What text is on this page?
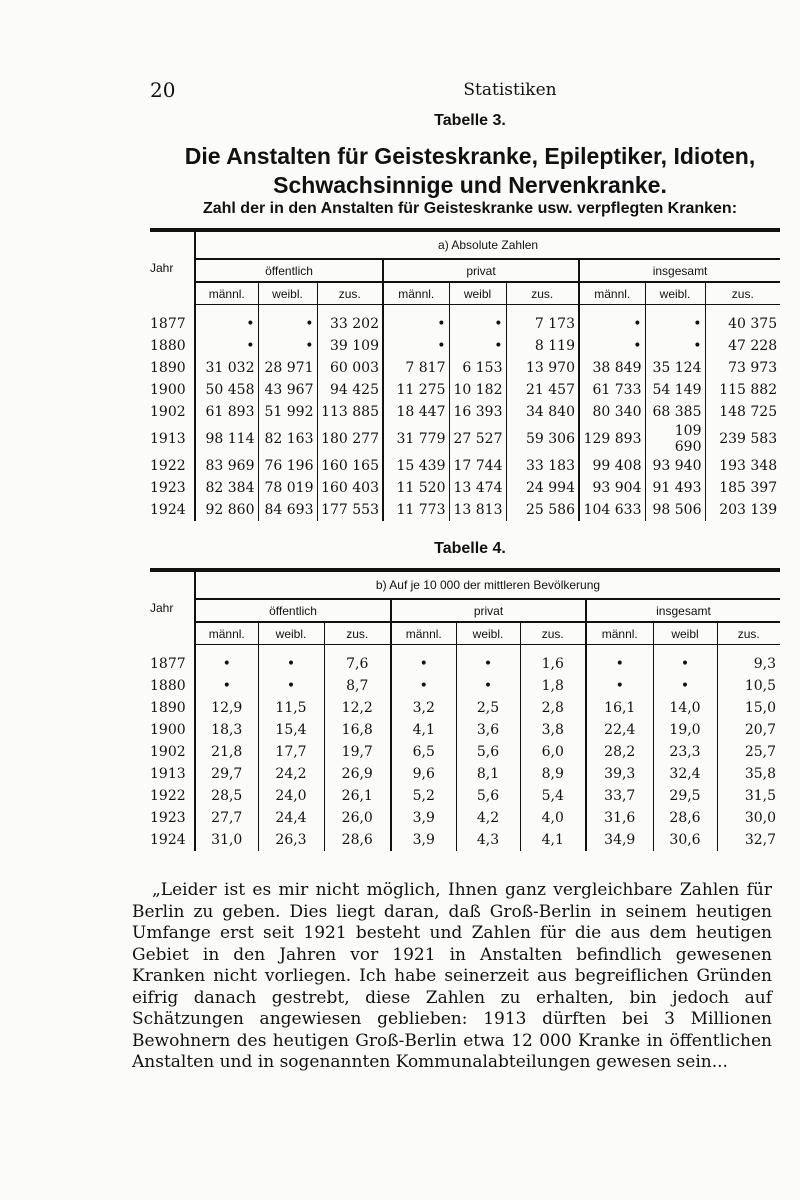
20	Statistiken
Tabelle 3.
Die Anstalten für Geisteskranke, Epileptiker, Idioten, Schwachsinnige und Nervenkranke.
Zahl der in den Anstalten für Geisteskranke usw. verpflegten Kranken:
Jahr	a) Absolute Zahlen								
	öffentlich			privat			insgesamt		
	männl.	weibl.	zus.	männl.	weibl	zus.	männl.	weibl.	zus.

1877	•	•	33 202	•	•	7 173	•	•	40 375
1880	•	•	39 109	•	•	8 119	•	•	47 228
1890	31 032	28 971	60 003	7 817	6 153	13 970	38 849	35 124	73 973
1900	50 458	43 967	94 425	11 275	10 182	21 457	61 733	54 149	115 882
1902	61 893	51 992	113 885	18 447	16 393	34 840	80 340	68 385	148 725
1913	98 114	82 163	180 277	31 779	27 527	59 306	129 893	109 690	239 583
1922	83 969	76 196	160 165	15 439	17 744	33 183	99 408	93 940	193 348
1923	82 384	78 019	160 403	11 520	13 474	24 994	93 904	91 493	185 397
1924	92 860	84 693	177 553	11 773	13 813	25 586	104 633	98 506	203 139
Tabelle 4.
Jahr	b) Auf je 10 000 der mittleren Bevölkerung								
	öffentlich			privat			insgesamt		
	männl.	weibl.	zus.	männl.	weibl.	zus.	männl.	weibl	zus.

1877	•	•	7,6	•	•	1,6	•	•	9,3
1880	•	•	8,7	•	•	1,8	•	•	10,5
1890	12,9	11,5	12,2	3,2	2,5	2,8	16,1	14,0	15,0
1900	18,3	15,4	16,8	4,1	3,6	3,8	22,4	19,0	20,7
1902	21,8	17,7	19,7	6,5	5,6	6,0	28,2	23,3	25,7
1913	29,7	24,2	26,9	9,6	8,1	8,9	39,3	32,4	35,8
1922	28,5	24,0	26,1	5,2	5,6	5,4	33,7	29,5	31,5
1923	27,7	24,4	26,0	3,9	4,2	4,0	31,6	28,6	30,0
1924	31,0	26,3	28,6	3,9	4,3	4,1	34,9	30,6	32,7

„Leider ist es mir nicht möglich, Ihnen ganz vergleichbare Zahlen für Berlin zu geben. Dies liegt daran, daß Groß-Berlin in seinem heutigen Umfange erst seit 1921 besteht und Zahlen für die aus dem heutigen Gebiet in den Jahren vor 1921 in Anstalten befindlich gewesenen Kranken nicht vorliegen. Ich habe seinerzeit aus begreiflichen Gründen eifrig danach gestrebt, diese Zahlen zu erhalten, bin jedoch auf Schätzungen angewiesen geblieben: 1913 dürften bei 3 Millionen Bewohnern des heutigen Groß-Berlin etwa 12 000 Kranke in öffentlichen Anstalten und in sogenannten Kommunalabteilungen gewesen sein...
